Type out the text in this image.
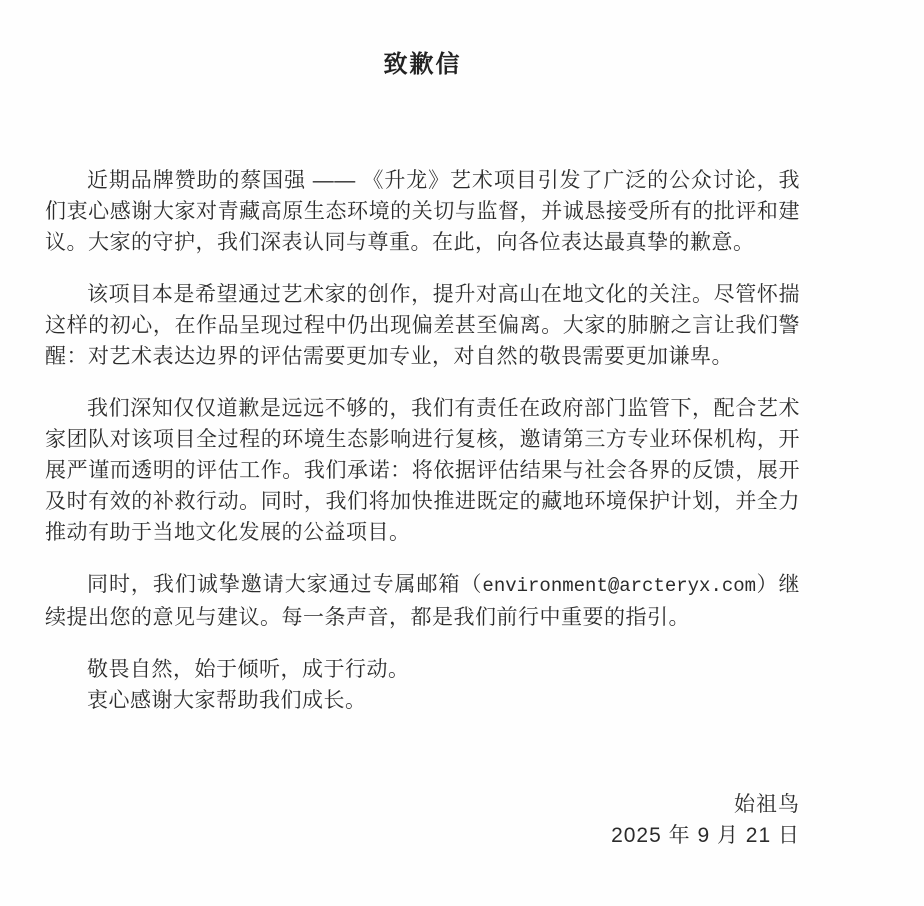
致歉信

近期品牌赞助的蔡国强 —— 《升龙》艺术项目引发了广泛的公众讨论，我们衷心感谢大家对青藏高原生态环境的关切与监督，并诚恳接受所有的批评和建议。大家的守护，我们深表认同与尊重。在此，向各位表达最真挚的歉意。

该项目本是希望通过艺术家的创作，提升对高山在地文化的关注。尽管怀揣这样的初心，在作品呈现过程中仍出现偏差甚至偏离。大家的肺腑之言让我们警醒：对艺术表达边界的评估需要更加专业，对自然的敬畏需要更加谦卑。

我们深知仅仅道歉是远远不够的，我们有责任在政府部门监管下，配合艺术家团队对该项目全过程的环境生态影响进行复核，邀请第三方专业环保机构，开展严谨而透明的评估工作。我们承诺：将依据评估结果与社会各界的反馈，展开及时有效的补救行动。同时，我们将加快推进既定的藏地环境保护计划，并全力推动有助于当地文化发展的公益项目。

同时，我们诚挚邀请大家通过专属邮箱（environment@arcteryx.com）继续提出您的意见与建议。每一条声音，都是我们前行中重要的指引。

敬畏自然，始于倾听，成于行动。

衷心感谢大家帮助我们成长。

始祖鸟

2025 年 9 月 21 日
